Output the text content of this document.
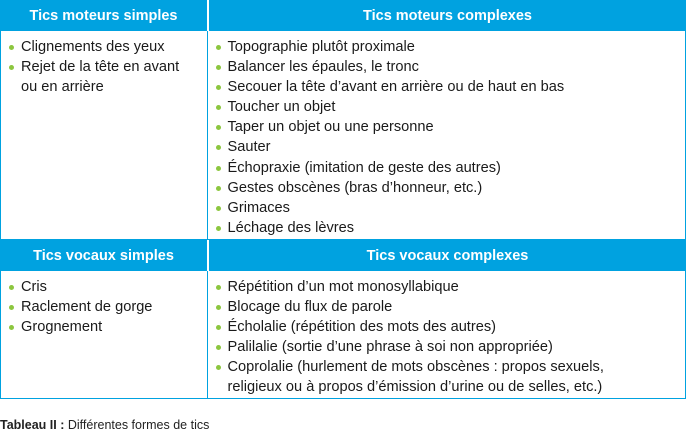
Tics moteurs simples	Tics moteurs complexes
Clignements des yeux
Rejet de la tête en avant ou en arrière
Topographie plutôt proximale
Balancer les épaules, le tronc
Secouer la tête d’avant en arrière ou de haut en bas
Toucher un objet
Taper un objet ou une personne
Sauter
Échopraxie (imitation de geste des autres)
Gestes obscènes (bras d’honneur, etc.)
Grimaces
Léchage des lèvres
Tics vocaux simples	Tics vocaux complexes
Cris
Raclement de gorge
Grognement
Répétition d’un mot monosyllabique
Blocage du flux de parole
Écholalie (répétition des mots des autres)
Palilalie (sortie d’une phrase à soi non appropriée)
Coprolalie (hurlement de mots obscènes : propos sexuels, religieux ou à propos d’émission d’urine ou de selles, etc.)
Tableau II : Différentes formes de tics
